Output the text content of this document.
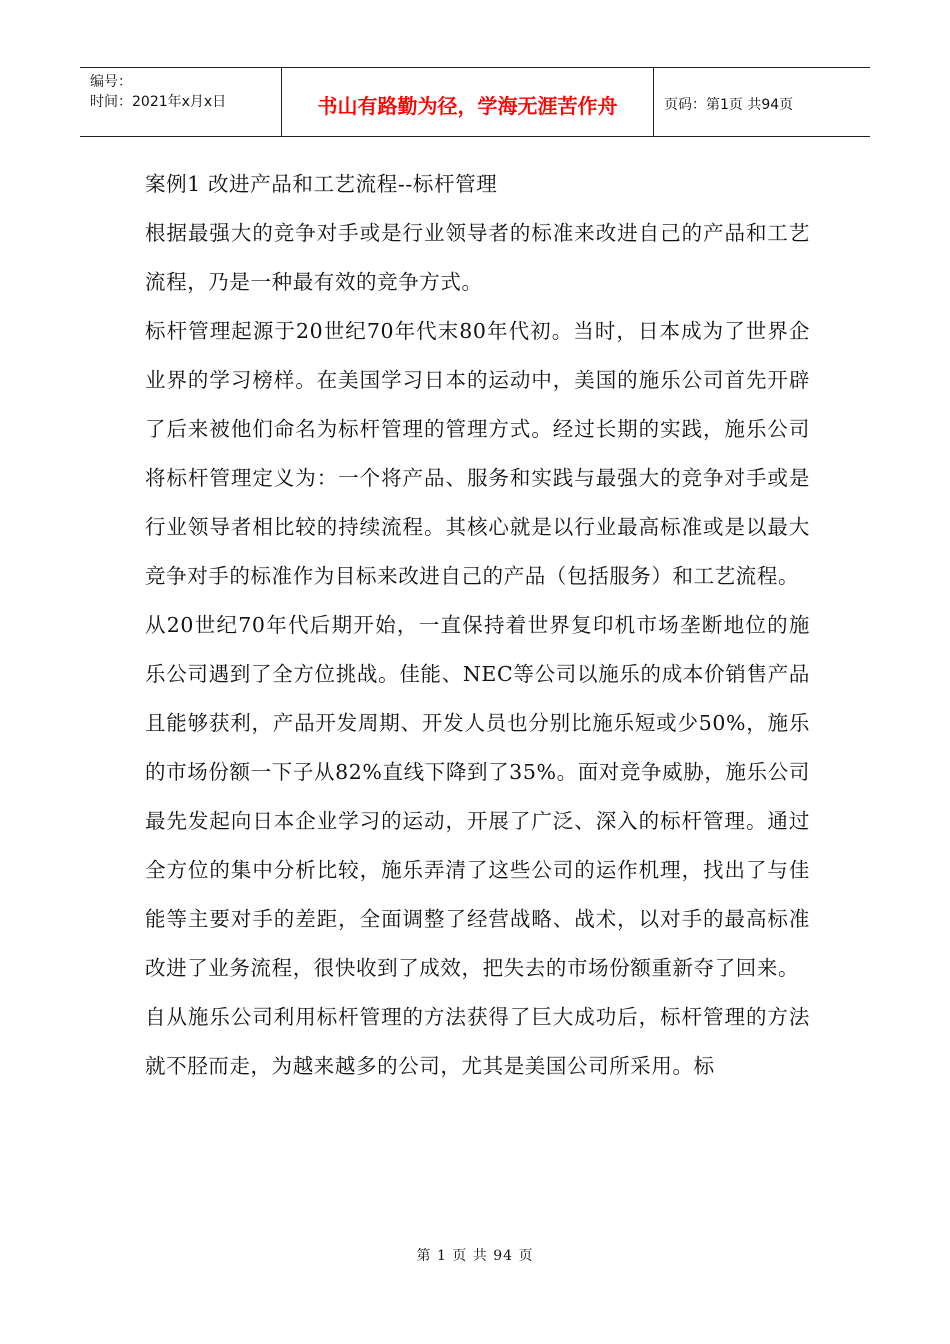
编号：
时间：2021年x月x日	书山有路勤为径，学海无涯苦作舟	页码：第1页 共94页

案例1 改进产品和工艺流程--标杆管理

根据最强大的竞争对手或是行业领导者的标准来改进自己的产品和工艺流程，乃是一种最有效的竞争方式。

标杆管理起源于20世纪70年代末80年代初。当时，日本成为了世界企业界的学习榜样。在美国学习日本的运动中，美国的施乐公司首先开辟了后来被他们命名为标杆管理的管理方式。经过长期的实践，施乐公司将标杆管理定义为：一个将产品、服务和实践与最强大的竞争对手或是行业领导者相比较的持续流程。其核心就是以行业最高标准或是以最大竞争对手的标准作为目标来改进自己的产品（包括服务）和工艺流程。

从20世纪70年代后期开始，一直保持着世界复印机市场垄断地位的施乐公司遇到了全方位挑战。佳能、NEC等公司以施乐的成本价销售产品且能够获利，产品开发周期、开发人员也分别比施乐短或少50%，施乐的市场份额一下子从82%直线下降到了35%。面对竞争威胁，施乐公司最先发起向日本企业学习的运动，开展了广泛、深入的标杆管理。通过全方位的集中分析比较，施乐弄清了这些公司的运作机理，找出了与佳能等主要对手的差距，全面调整了经营战略、战术，以对手的最高标准改进了业务流程，很快收到了成效，把失去的市场份额重新夺了回来。

自从施乐公司利用标杆管理的方法获得了巨大成功后，标杆管理的方法就不胫而走，为越来越多的公司，尤其是美国公司所采用。标

第 1 页 共 94 页
